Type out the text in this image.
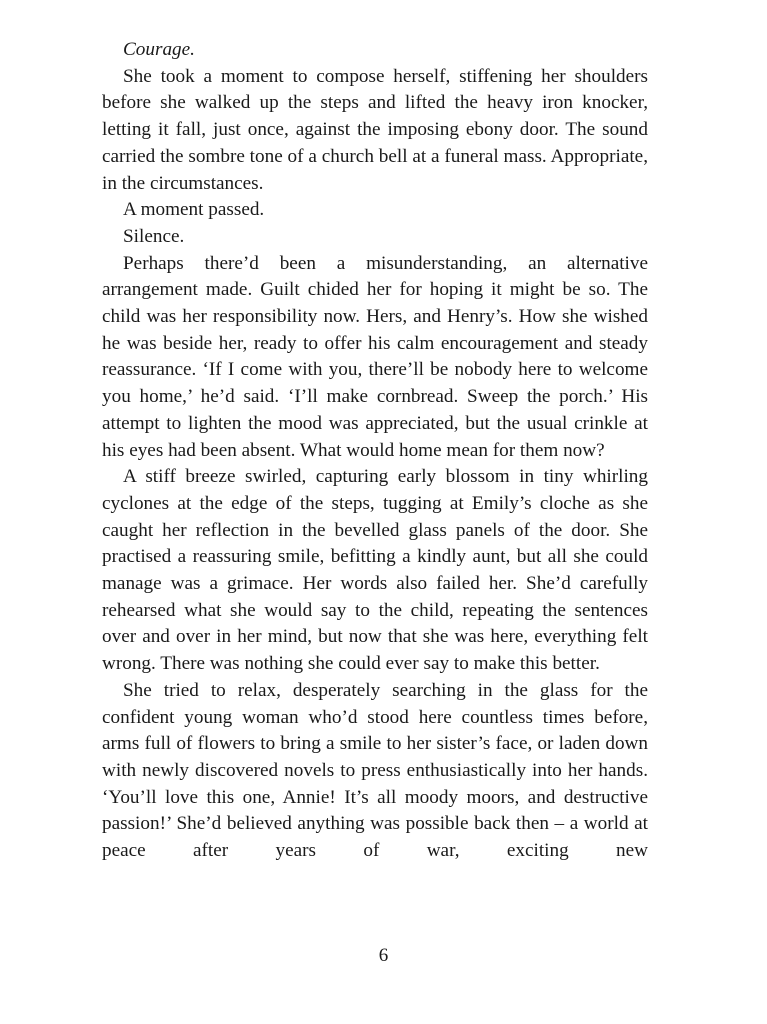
Courage.

She took a moment to compose herself, stiffening her shoulders before she walked up the steps and lifted the heavy iron knocker, letting it fall, just once, against the imposing ebony door. The sound carried the sombre tone of a church bell at a funeral mass. Appropriate, in the circumstances.

A moment passed.

Silence.

Perhaps there’d been a misunderstanding, an alternative arrangement made. Guilt chided her for hoping it might be so. The child was her responsibility now. Hers, and Henry’s. How she wished he was beside her, ready to offer his calm encouragement and steady reassurance. ‘If I come with you, there’ll be nobody here to welcome you home,’ he’d said. ‘I’ll make cornbread. Sweep the porch.’ His attempt to lighten the mood was appreciated, but the usual crinkle at his eyes had been absent. What would home mean for them now?

A stiff breeze swirled, capturing early blossom in tiny whirling cyclones at the edge of the steps, tugging at Emily’s cloche as she caught her reflection in the bevelled glass panels of the door. She practised a reassuring smile, befitting a kindly aunt, but all she could manage was a grimace. Her words also failed her. She’d carefully rehearsed what she would say to the child, repeating the sentences over and over in her mind, but now that she was here, everything felt wrong. There was nothing she could ever say to make this better.

She tried to relax, desperately searching in the glass for the confident young woman who’d stood here countless times before, arms full of flowers to bring a smile to her sister’s face, or laden down with newly discovered novels to press enthusiastically into her hands. ‘You’ll love this one, Annie! It’s all moody moors, and destructive passion!’ She’d believed anything was possible back then – a world at peace after years of war, exciting new

6
